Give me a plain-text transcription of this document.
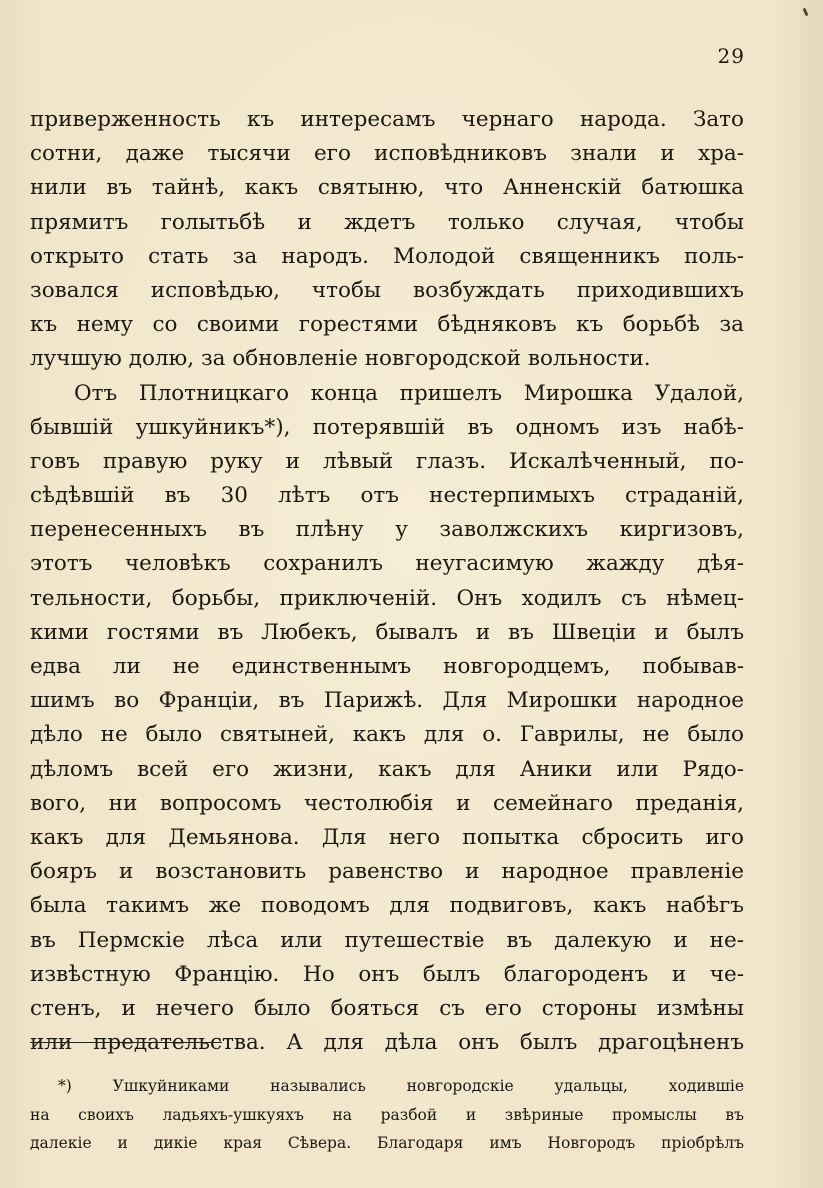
29
приверженность къ интересамъ чернаго народа. Зато
сотни, даже тысячи его исповѣдниковъ знали и хра-
нили въ тайнѣ, какъ святыню, что Анненскій батюшка
прямитъ голытьбѣ и ждетъ только случая, чтобы
открыто стать за народъ. Молодой священникъ поль-
зовался исповѣдью, чтобы возбуждать приходившихъ
къ нему со своими горестями бѣдняковъ къ борьбѣ за
лучшую долю, за обновленіе новгородской вольности.
Отъ Плотницкаго конца пришелъ Мирошка Удалой,
бывшій ушкуйникъ*), потерявшій въ одномъ изъ набѣ-
говъ правую руку и лѣвый глазъ. Искалѣченный, по-
сѣдѣвшій въ 30 лѣтъ отъ нестерпимыхъ страданій,
перенесенныхъ въ плѣну у заволжскихъ киргизовъ,
этотъ человѣкъ сохранилъ неугасимую жажду дѣя-
тельности, борьбы, приключеній. Онъ ходилъ съ нѣмец-
кими гостями въ Любекъ, бывалъ и въ Швеціи и былъ
едва ли не единственнымъ новгородцемъ, побывав-
шимъ во Франціи, въ Парижѣ. Для Мирошки народное
дѣло не было святыней, какъ для о. Гаврилы, не было
дѣломъ всей его жизни, какъ для Аники или Рядо-
вого, ни вопросомъ честолюбія и семейнаго преданія,
какъ для Демьянова. Для него попытка сбросить иго
бояръ и возстановить равенство и народное правленіе
была такимъ же поводомъ для подвиговъ, какъ набѣгъ
въ Пермскіе лѣса или путешествіе въ далекую и не-
извѣстную Францію. Но онъ былъ благороденъ и че-
стенъ, и нечего было бояться съ его стороны измѣны
или предательства. А для дѣла онъ былъ драгоцѣненъ
*) Ушкуйниками назывались новгородскіе удальцы, ходившіе
на своихъ ладьяхъ-ушкуяхъ на разбой и звѣриные промыслы въ
далекіе и дикіе края Сѣвера. Благодаря имъ Новгородъ пріобрѣлъ
